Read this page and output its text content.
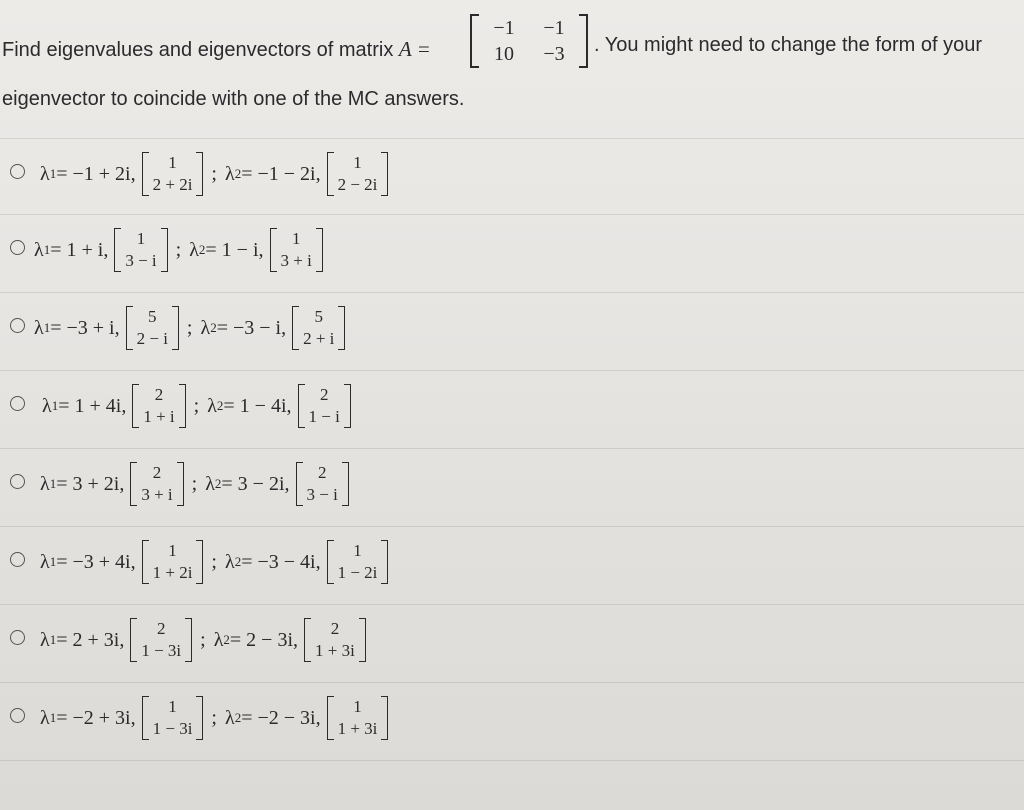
Find eigenvalues and eigenvectors of matrix A =
−1	−1
10	−3	. You might need to change the form of your
eigenvector to coincide with one of the MC answers.
λ 1 = −1 + 2i, 1
2 + 2i ; λ 2 = −1 − 2i, 1
2 − 2i
λ 1 = 1 + i, 1
3 − i ; λ 2 = 1 − i, 1
3 + i
λ 1 = −3 + i, 5
2 − i ; λ 2 = −3 − i, 5
2 + i
λ 1 = 1 + 4i, 2
1 + i ; λ 2 = 1 − 4i, 2
1 − i
λ 1 = 3 + 2i, 2
3 + i ; λ 2 = 3 − 2i, 2
3 − i
λ 1 = −3 + 4i, 1
1 + 2i ; λ 2 = −3 − 4i, 1
1 − 2i
λ 1 = 2 + 3i, 2
1 − 3i ; λ 2 = 2 − 3i, 2
1 + 3i
λ 1 = −2 + 3i, 1
1 − 3i ; λ 2 = −2 − 3i, 1
1 + 3i
